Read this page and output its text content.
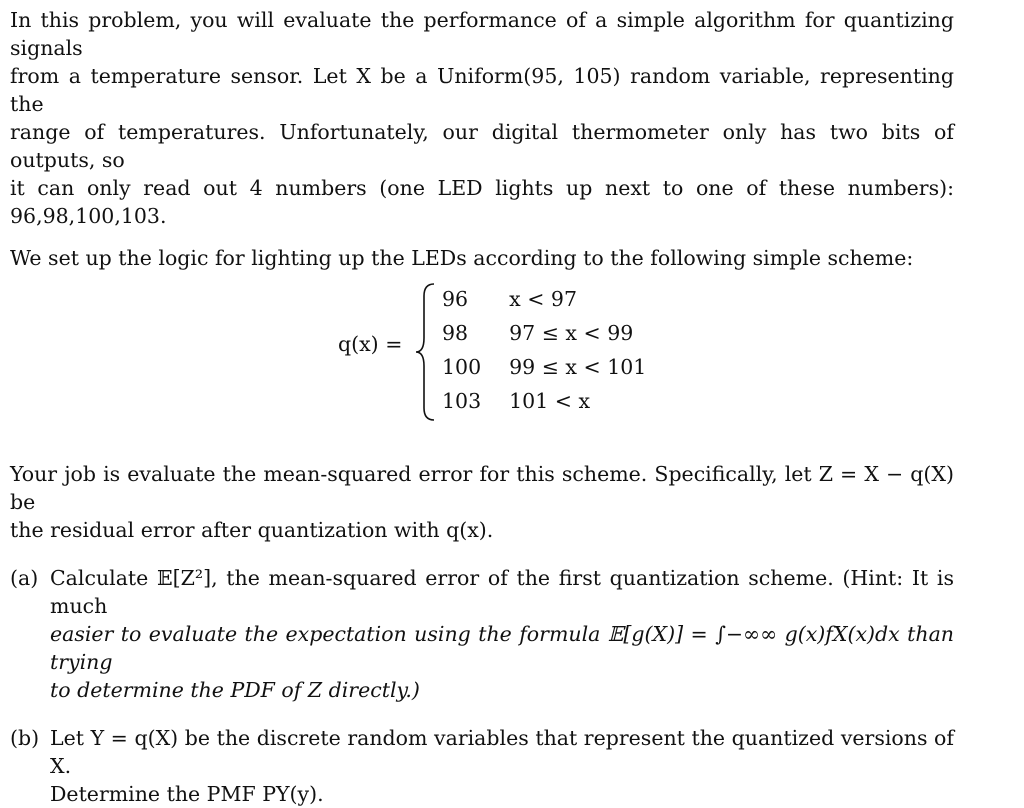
In this problem, you will evaluate the performance of a simple algorithm for quantizing signals

from a temperature sensor. Let X be a Uniform(95, 105) random variable, representing the

range of temperatures. Unfortunately, our digital thermometer only has two bits of outputs, so

it can only read out 4 numbers (one LED lights up next to one of these numbers): 96,98,100,103.

We set up the logic for lighting up the LEDs according to the following simple scheme:

q(x) =
96	x < 97
98	97 ≤ x < 99
100	99 ≤ x < 101
103	101 < x

Your job is evaluate the mean-squared error for this scheme. Specifically, let Z = X − q(X) be

the residual error after quantization with q(x).

(a) Calculate 𝔼[Z²], the mean-squared error of the first quantization scheme. (Hint: It is much

easier to evaluate the expectation using the formula 𝔼[g(X)] = ∫−∞∞ g(x)fX(x)dx than trying

to determine the PDF of Z directly.)

(b) Let Y = q(X) be the discrete random variables that represent the quantized versions of X.

Determine the PMF PY(y).
